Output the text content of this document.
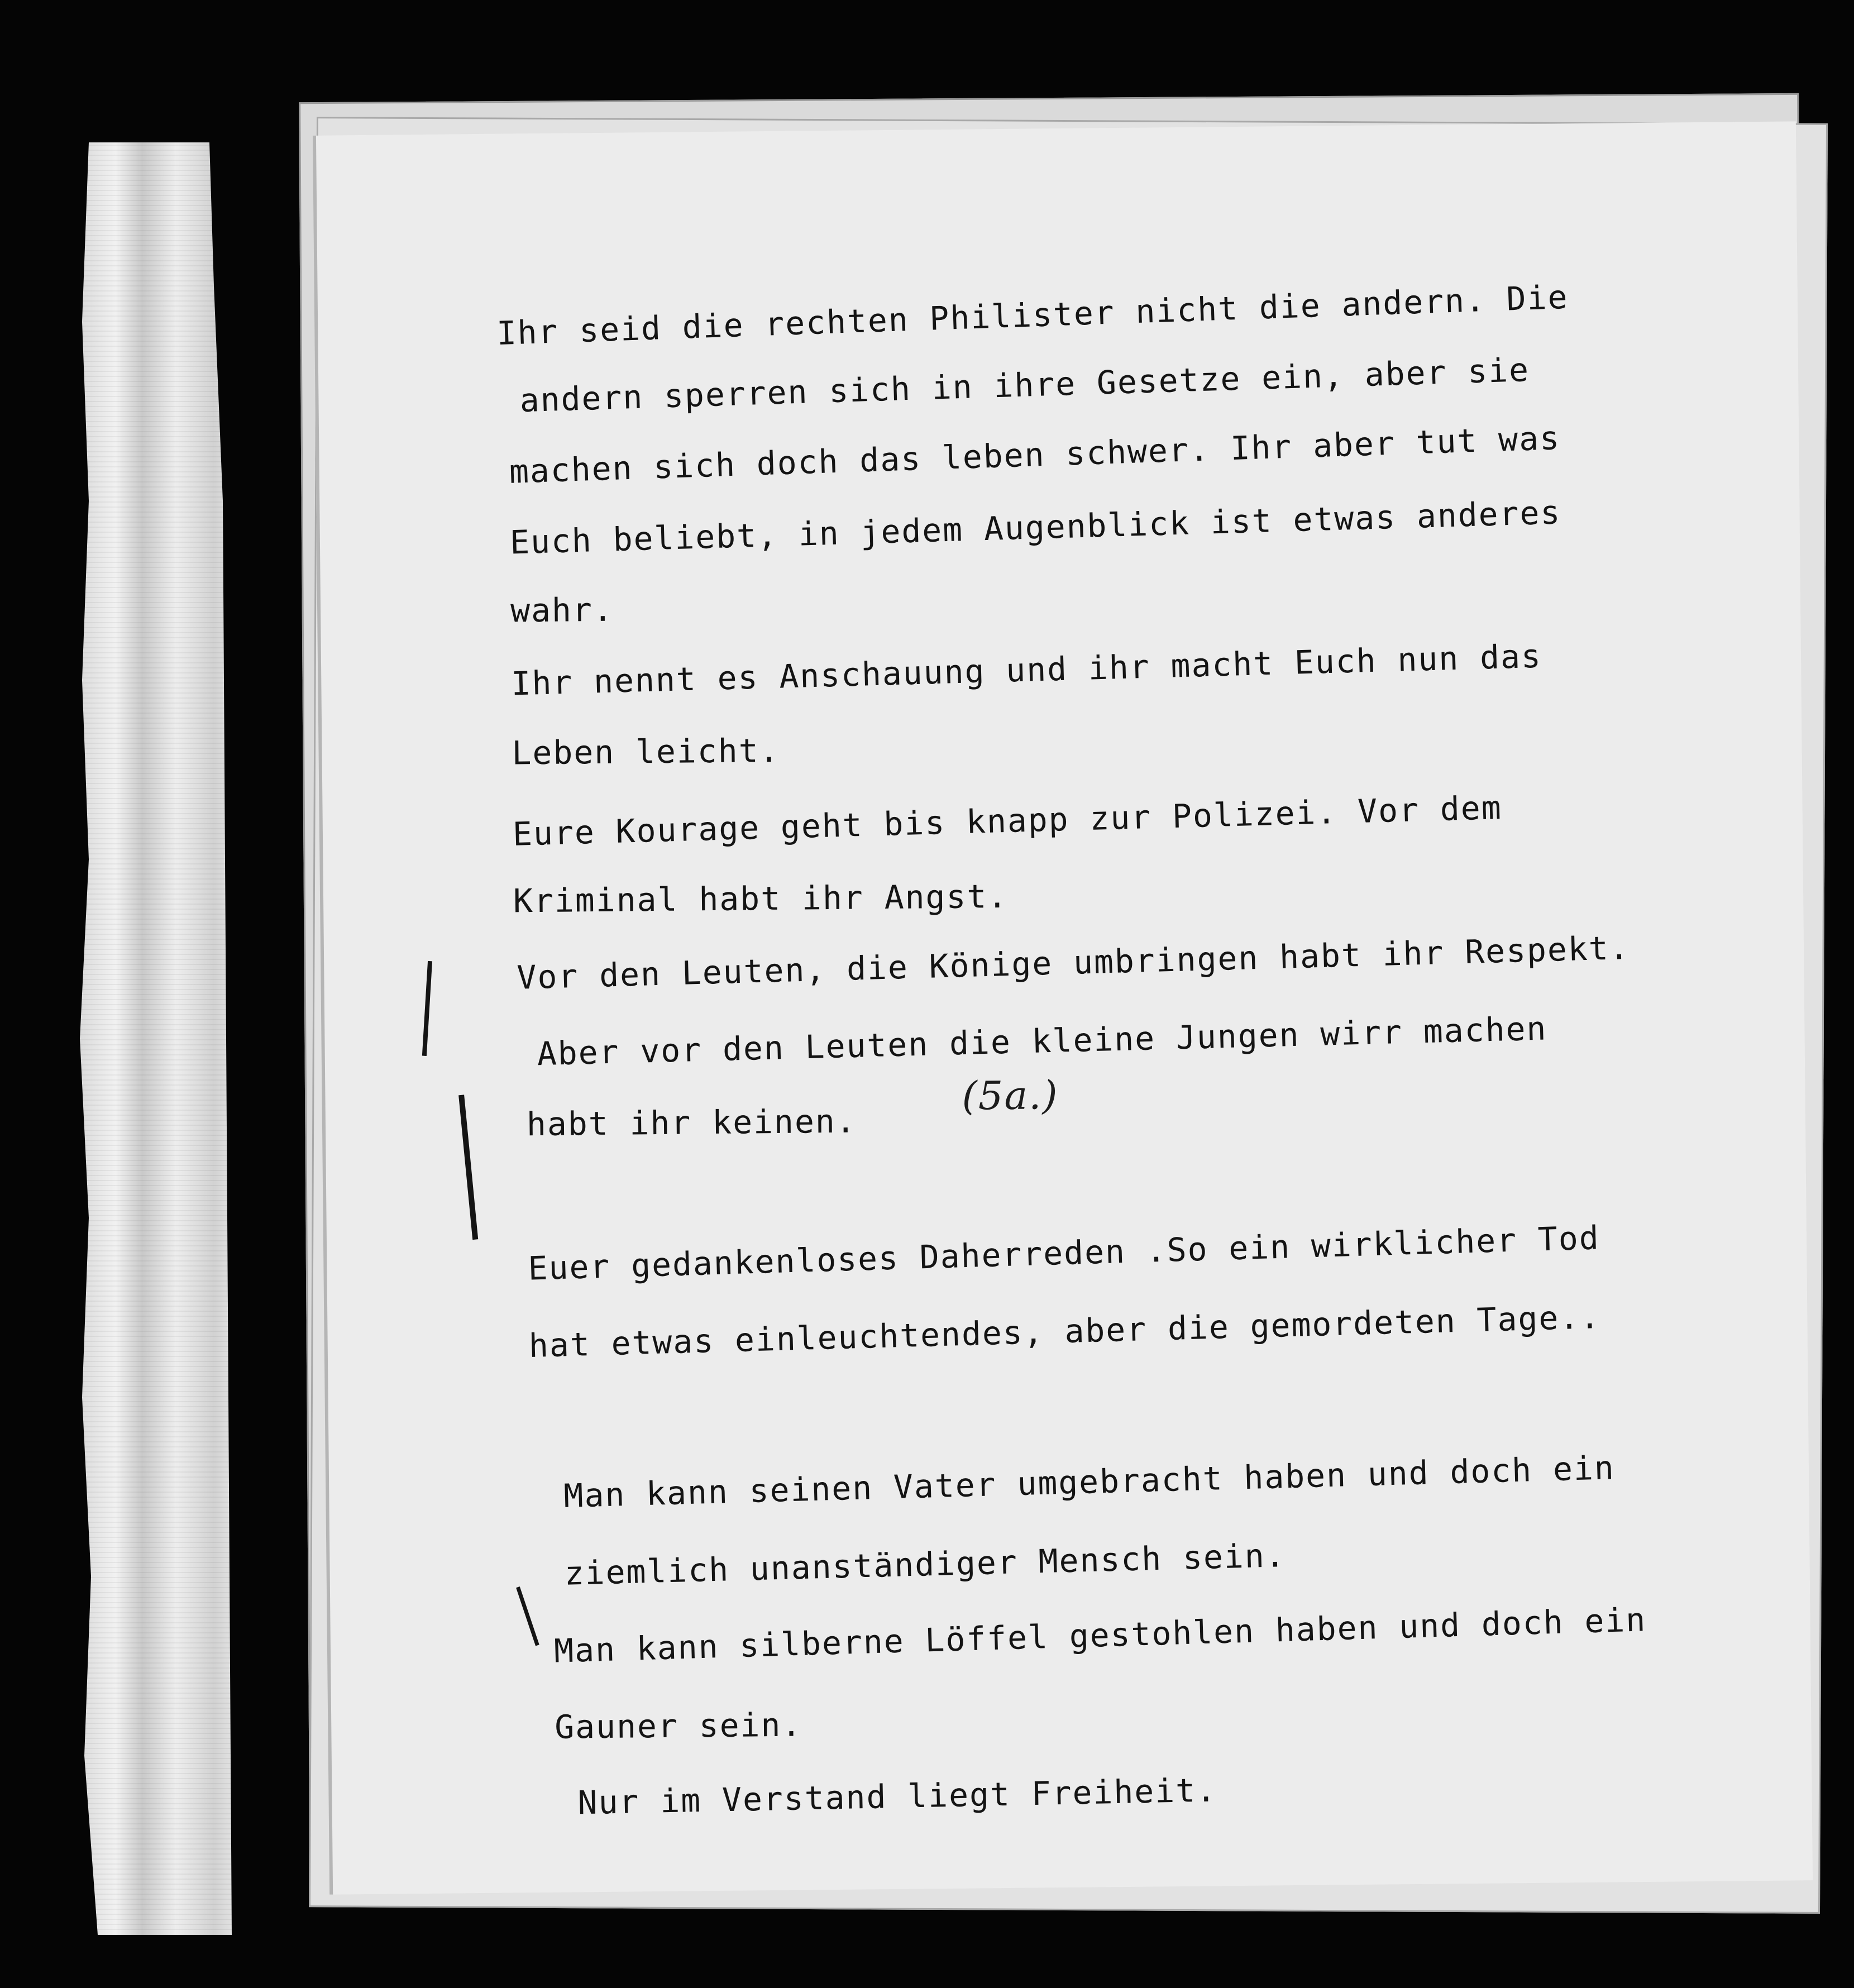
Ihr seid die rechten Philister nicht die andern. Die
andern sperren sich in ihre Gesetze ein, aber sie
machen sich doch das leben schwer. Ihr aber tut was
Euch beliebt, in jedem Augenblick ist etwas anderes
wahr.
Ihr nennt es Anschauung und ihr macht Euch nun das
Leben leicht.
Eure Kourage geht bis knapp zur Polizei. Vor dem
Kriminal habt ihr Angst.
Vor den Leuten, die Könige umbringen habt ihr Respekt.
Aber vor den Leuten die kleine Jungen wirr machen
habt ihr keinen.
Euer gedankenloses Daherreden .So ein wirklicher Tod
hat etwas einleuchtendes, aber die gemordeten Tage..
Man kann seinen Vater umgebracht haben und doch ein
ziemlich unanständiger Mensch sein.
Man kann silberne Löffel gestohlen haben und doch ein
Gauner sein.
Nur im Verstand liegt Freiheit.
(5a.)
